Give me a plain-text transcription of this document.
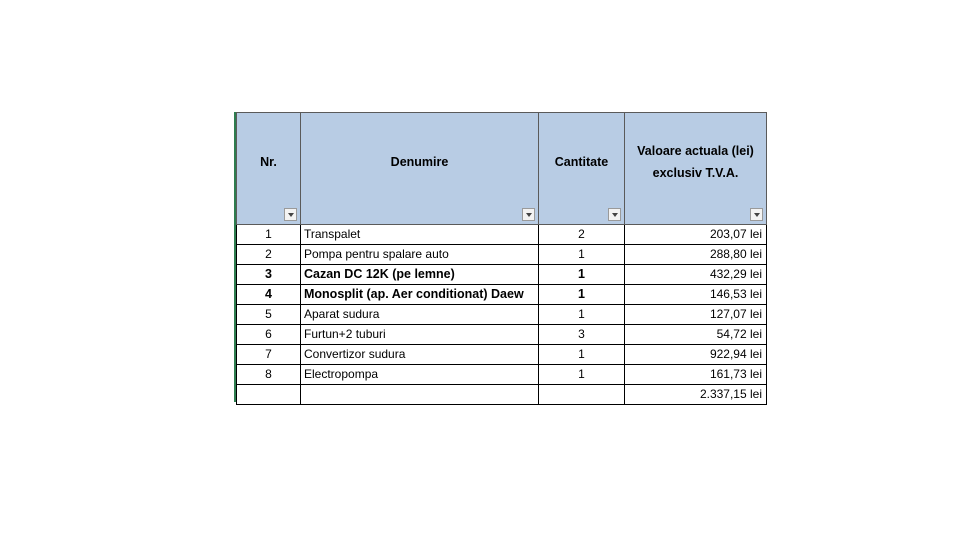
Nr.	Denumire	Cantitate	Valoare actuala (lei)
exclusiv T.V.A.

1	Transpalet	2	203,07 lei
2	Pompa pentru spalare auto	1	288,80 lei
3	Cazan DC 12K (pe lemne)	1	432,29 lei
4	Monosplit (ap. Aer conditionat) Daew	1	146,53 lei
5	Aparat sudura	1	127,07 lei
6	Furtun+2 tuburi	3	54,72 lei
7	Convertizor sudura	1	922,94 lei
8	Electropompa	1	161,73 lei
			2.337,15 lei
